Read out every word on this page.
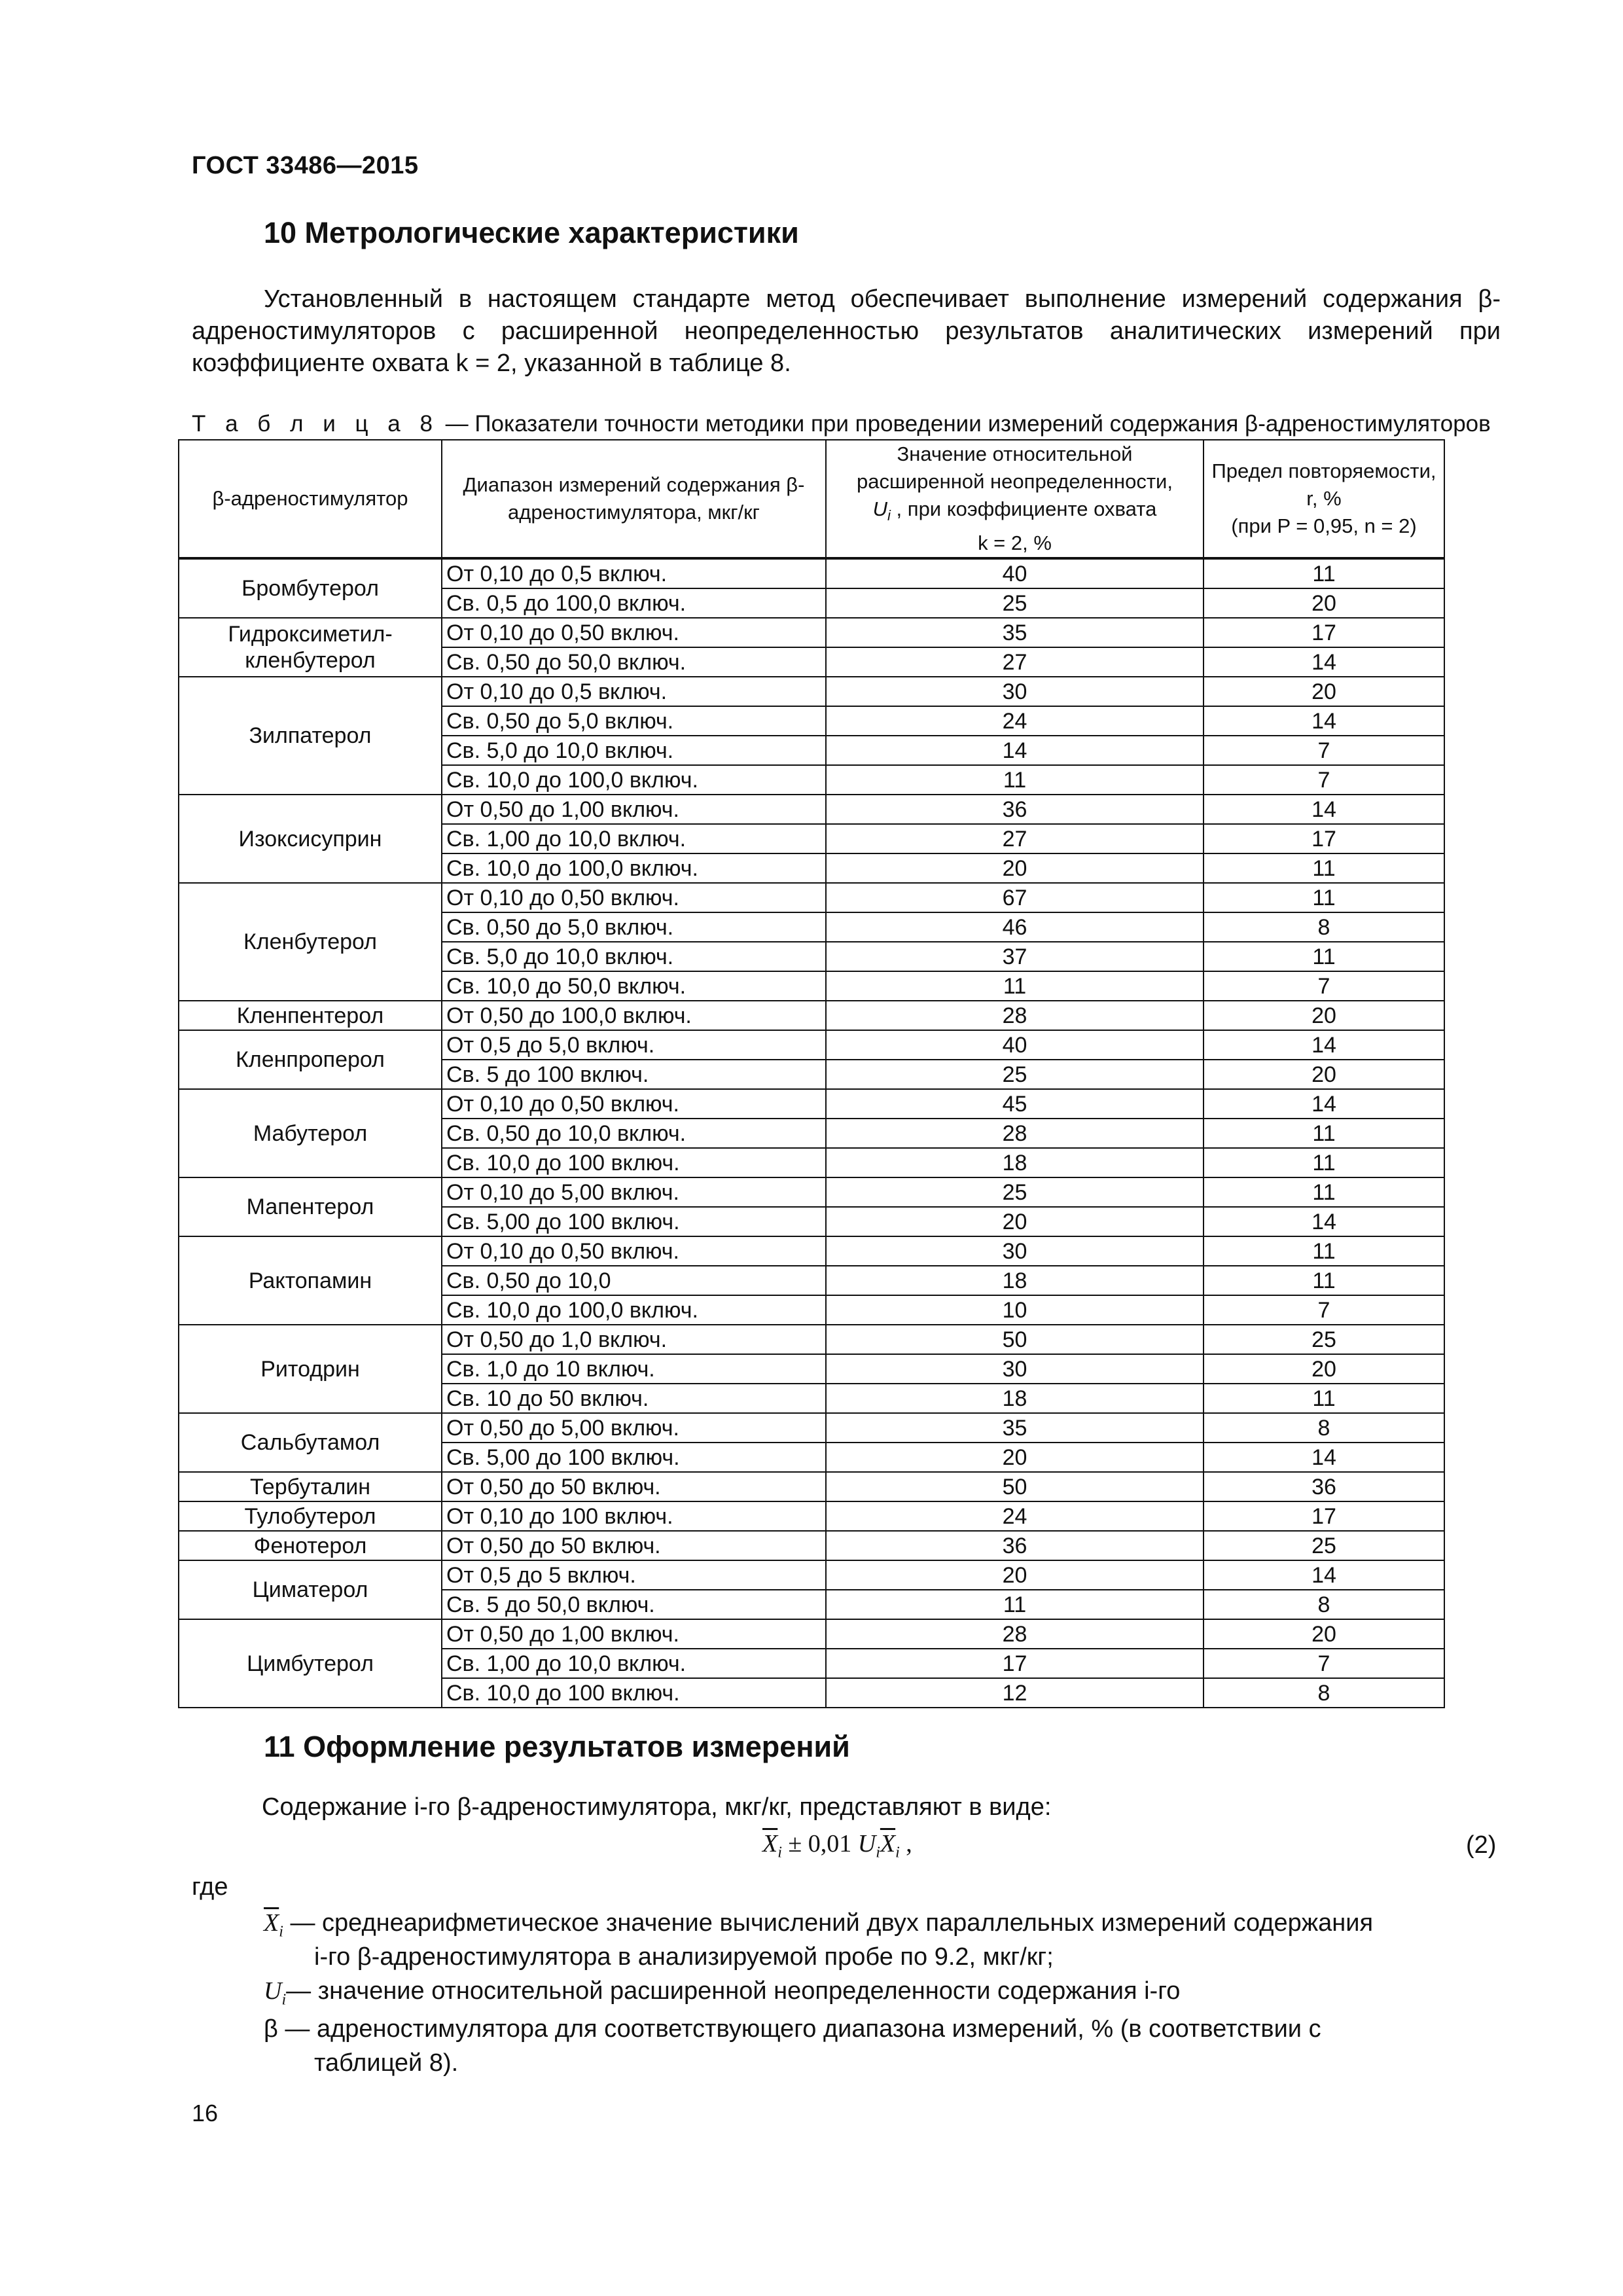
ГОСТ 33486—2015
10 Метрологические характеристики
Установленный в настоящем стандарте метод обеспечивает выполнение измерений содержания β-адреностимуляторов с расширенной неопределенностью результатов аналитических измерений при коэффициенте охвата k = 2, указанной в таблице 8.
Т а б л и ц а 8 — Показатели точности методики при проведении измерений содержания β-адреностимуляторов
β-адреностимулятор	Диапазон измерений содержания β-адреностимулятора, мкг/кг	Значение относительной расширенной неопределенности,
$U_i$ , при коэффициенте охвата
k = 2, %	Предел повторяемости, r, %
(при P = 0,95, n = 2)
Бромбутерол	От 0,10 до 0,5 включ.	40	11
	Св. 0,5 до 100,0 включ.	25	20
Гидроксиметил-кленбутерол	От 0,10 до 0,50 включ.	35	17
	Св. 0,50 до 50,0 включ.	27	14
Зилпатерол	От 0,10 до 0,5 включ.	30	20
	Св. 0,50 до 5,0 включ.	24	14
	Св. 5,0 до 10,0 включ.	14	7
	Св. 10,0 до 100,0 включ.	11	7
Изоксисуприн	От 0,50 до 1,00 включ.	36	14
	Св. 1,00 до 10,0 включ.	27	17
	Св. 10,0 до 100,0 включ.	20	11
Кленбутерол	От 0,10 до 0,50 включ.	67	11
	Св. 0,50 до 5,0 включ.	46	8
	Св. 5,0 до 10,0 включ.	37	11
	Св. 10,0 до 50,0 включ.	11	7
Кленпентерол	От 0,50 до 100,0 включ.	28	20
Кленпроперол	От 0,5 до 5,0 включ.	40	14
	Св. 5 до 100 включ.	25	20
Мабутерол	От 0,10 до 0,50 включ.	45	14
	Св. 0,50 до 10,0 включ.	28	11
	Св. 10,0 до 100 включ.	18	11
Мапентерол	От 0,10 до 5,00 включ.	25	11
	Св. 5,00 до 100 включ.	20	14
Рактопамин	От 0,10 до 0,50 включ.	30	11
	Св. 0,50 до 10,0	18	11
	Св. 10,0 до 100,0 включ.	10	7
Ритодрин	От 0,50 до 1,0 включ.	50	25
	Св. 1,0 до 10 включ.	30	20
	Св. 10 до 50 включ.	18	11
Сальбутамол	От 0,50 до 5,00 включ.	35	8
	Св. 5,00 до 100 включ.	20	14
Тербуталин	От 0,50 до 50 включ.	50	36
Тулобутерол	От 0,10 до 100 включ.	24	17
Фенотерол	От 0,50 до 50 включ.	36	25
Циматерол	От 0,5 до 5 включ.	20	14
	Св. 5 до 50,0 включ.	11	8
Цимбутерол	От 0,50 до 1,00 включ.	28	20
	Св. 1,00 до 10,0 включ.	17	7
	Св. 10,0 до 100 включ.	12	8
11 Оформление результатов измерений
Содержание i-го β-адреностимулятора, мкг/кг, представляют в виде:
$\overline{X}_i \pm 0,01$ $U_i\overline{X}_i$ ,	(2)
где
$\overline{X}_i$ — среднеарифметическое значение вычислений двух параллельных измерений содержания
i-го β-адреностимулятора в анализируемой пробе по 9.2, мкг/кг;
$U_i—$ значение относительной расширенной неопределенности содержания i-го
β — адреностимулятора для соответствующего диапазона измерений, % (в соответствии с
таблицей 8).
16
